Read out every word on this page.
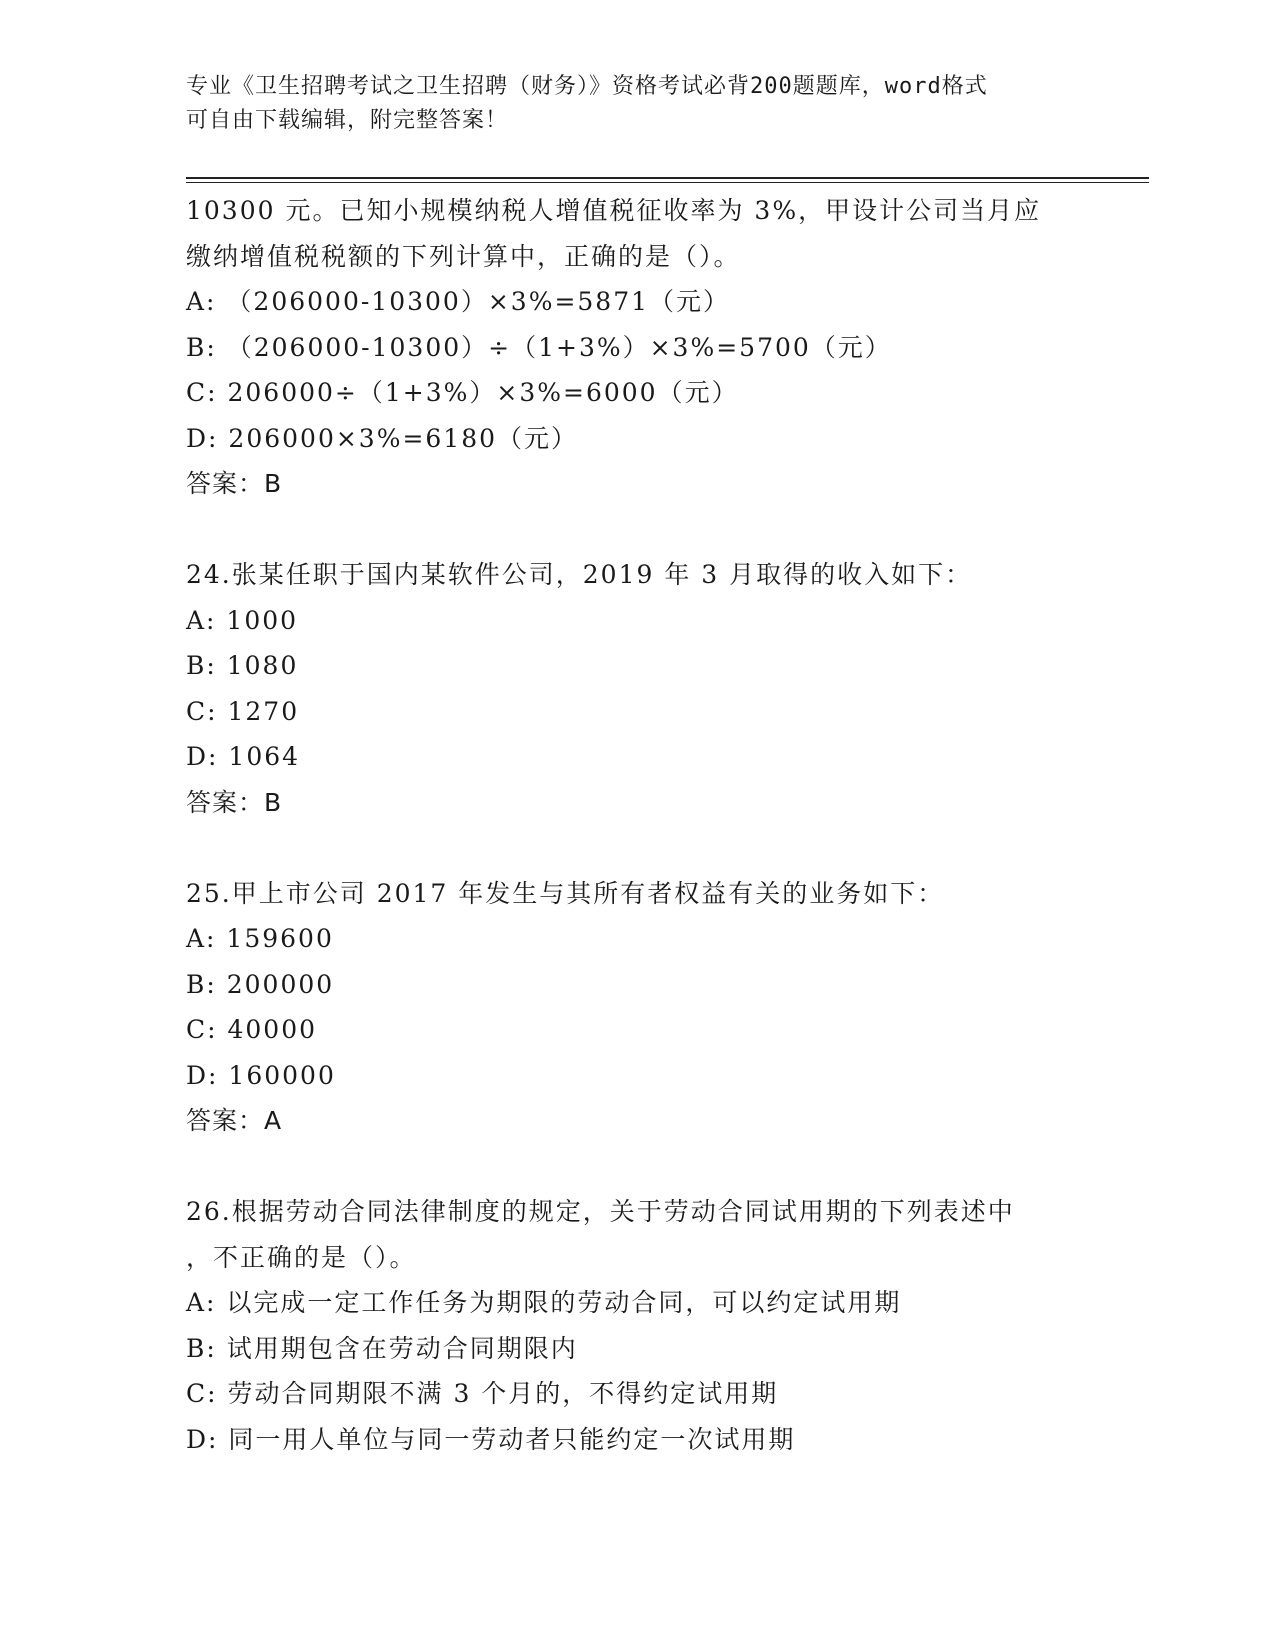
专业《卫生招聘考试之卫生招聘（财务）》资格考试必背200题题库，word格式
可自由下载编辑，附完整答案！
10300 元。已知小规模纳税人增值税征收率为 3%，甲设计公司当月应
缴纳增值税税额的下列计算中，正确的是（）。
A: （206000-10300）×3%=5871（元）
B: （206000-10300）÷（1+3%）×3%=5700（元）
C: 206000÷（1+3%）×3%=6000（元）
D: 206000×3%=6180（元）
答案：B
24.张某任职于国内某软件公司，2019 年 3 月取得的收入如下：
A: 1000
B: 1080
C: 1270
D: 1064
答案：B
25.甲上市公司 2017 年发生与其所有者权益有关的业务如下：
A: 159600
B: 200000
C: 40000
D: 160000
答案：A
26.根据劳动合同法律制度的规定，关于劳动合同试用期的下列表述中
，不正确的是（）。
A: 以完成一定工作任务为期限的劳动合同，可以约定试用期
B: 试用期包含在劳动合同期限内
C: 劳动合同期限不满 3 个月的，不得约定试用期
D: 同一用人单位与同一劳动者只能约定一次试用期
